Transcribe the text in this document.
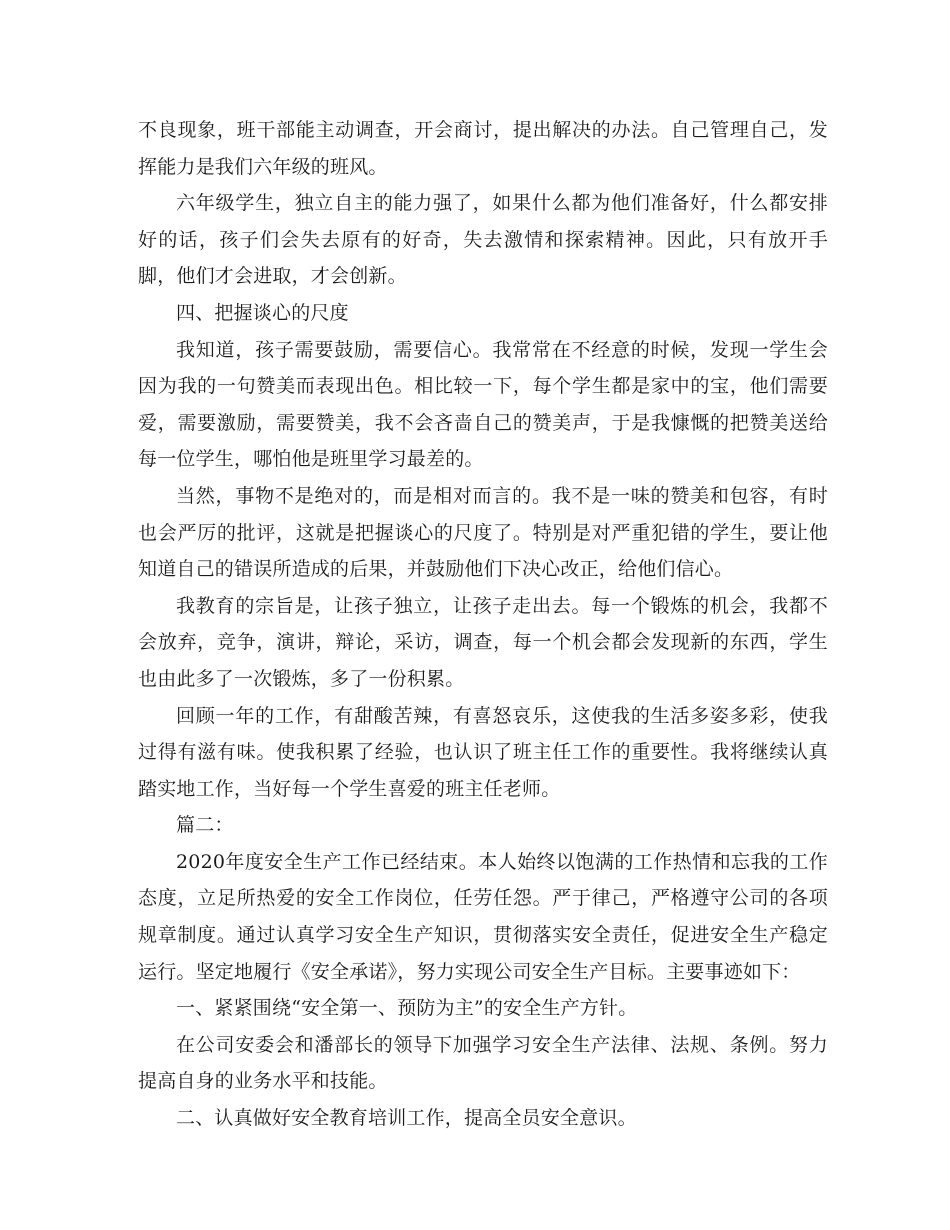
不良现象，班干部能主动调查，开会商讨，提出解决的办法。自己管理自己，发挥能力是我们六年级的班风。

六年级学生，独立自主的能力强了，如果什么都为他们准备好，什么都安排好的话，孩子们会失去原有的好奇，失去激情和探索精神。因此，只有放开手脚，他们才会进取，才会创新。

四、把握谈心的尺度

我知道，孩子需要鼓励，需要信心。我常常在不经意的时候，发现一学生会因为我的一句赞美而表现出色。相比较一下，每个学生都是家中的宝，他们需要爱，需要激励，需要赞美，我不会吝啬自己的赞美声，于是我慷慨的把赞美送给每一位学生，哪怕他是班里学习最差的。

当然，事物不是绝对的，而是相对而言的。我不是一味的赞美和包容，有时也会严厉的批评，这就是把握谈心的尺度了。特别是对严重犯错的学生，要让他知道自己的错误所造成的后果，并鼓励他们下决心改正，给他们信心。

我教育的宗旨是，让孩子独立，让孩子走出去。每一个锻炼的机会，我都不会放弃，竞争，演讲，辩论，采访，调查，每一个机会都会发现新的东西，学生也由此多了一次锻炼，多了一份积累。

回顾一年的工作，有甜酸苦辣，有喜怒哀乐，这使我的生活多姿多彩，使我过得有滋有味。使我积累了经验，也认识了班主任工作的重要性。我将继续认真踏实地工作，当好每一个学生喜爱的班主任老师。

篇二：

2020年度安全生产工作已经结束。本人始终以饱满的工作热情和忘我的工作态度，立足所热爱的安全工作岗位，任劳任怨。严于律己，严格遵守公司的各项规章制度。通过认真学习安全生产知识，贯彻落实安全责任，促进安全生产稳定运行。坚定地履行《安全承诺》，努力实现公司安全生产目标。主要事迹如下：

一、紧紧围绕“安全第一、预防为主”的安全生产方针。

在公司安委会和潘部长的领导下加强学习安全生产法律、法规、条例。努力提高自身的业务水平和技能。

二、认真做好安全教育培训工作，提高全员安全意识。
